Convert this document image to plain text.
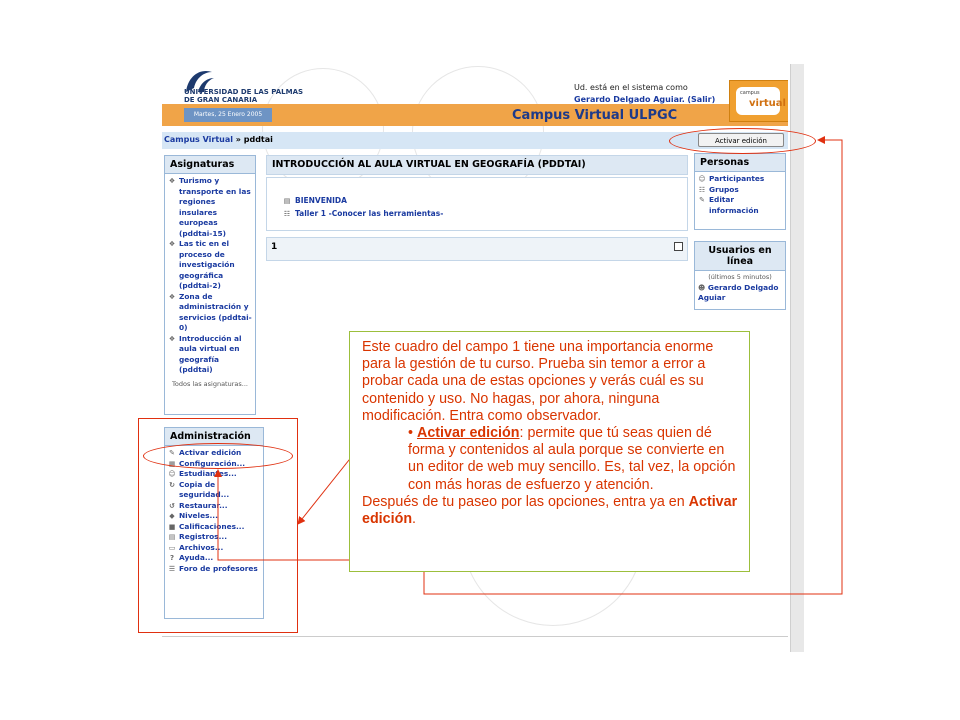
UNIVERSIDAD DE LAS PALMAS
DE GRAN CANARIA
Martes, 25 Enero 2005
Ud. está en el sistema como
Gerardo Delgado Aguiar. (Salir)
Campus Virtual ULPGC
campus
virtual
Campus Virtual » pddtai	Activar edición
Asignaturas
❖ Turismo y transporte en las regiones insulares europeas (pddtai-15)
❖ Las tic en el proceso de investigación geográfica (pddtai-2)
❖ Zona de administración y servicios (pddtai-0)
❖ Introducción al aula virtual en geografía (pddtai)
Todos las asignaturas...
Administración
✎ Activar edición
▦ Configuración...
☺ Estudiantes...
↻ Copia de seguridad...
↺ Restaurar...
◆ Niveles...
■ Calificaciones...
▤ Registros...
▭ Archivos...
? Ayuda...
☰ Foro de profesores
INTRODUCCIÓN AL AULA VIRTUAL EN GEOGRAFÍA (PDDTAI)
▤ BIENVENIDA
☷ Taller 1 -Conocer las herramientas-
1
Personas
☺ Participantes
☷ Grupos
✎ Editar información
Usuarios en línea
(últimos 5 minutos)
☻ Gerardo Delgado Aguiar

Este cuadro del campo 1 tiene una importancia enorme para la gestión de tu curso. Prueba sin temor a error a probar cada una de estas opciones y verás cuál es su contenido y uso. No hagas, por ahora, ninguna modificación. Entra como observador.

• Activar edición: permite que tú seas quien dé forma y contenidos al aula porque se convierte en un editor de web muy sencillo. Es, tal vez, la opción con más horas de esfuerzo y atención.

Después de tu paseo por las opciones, entra ya en Activar edición.
